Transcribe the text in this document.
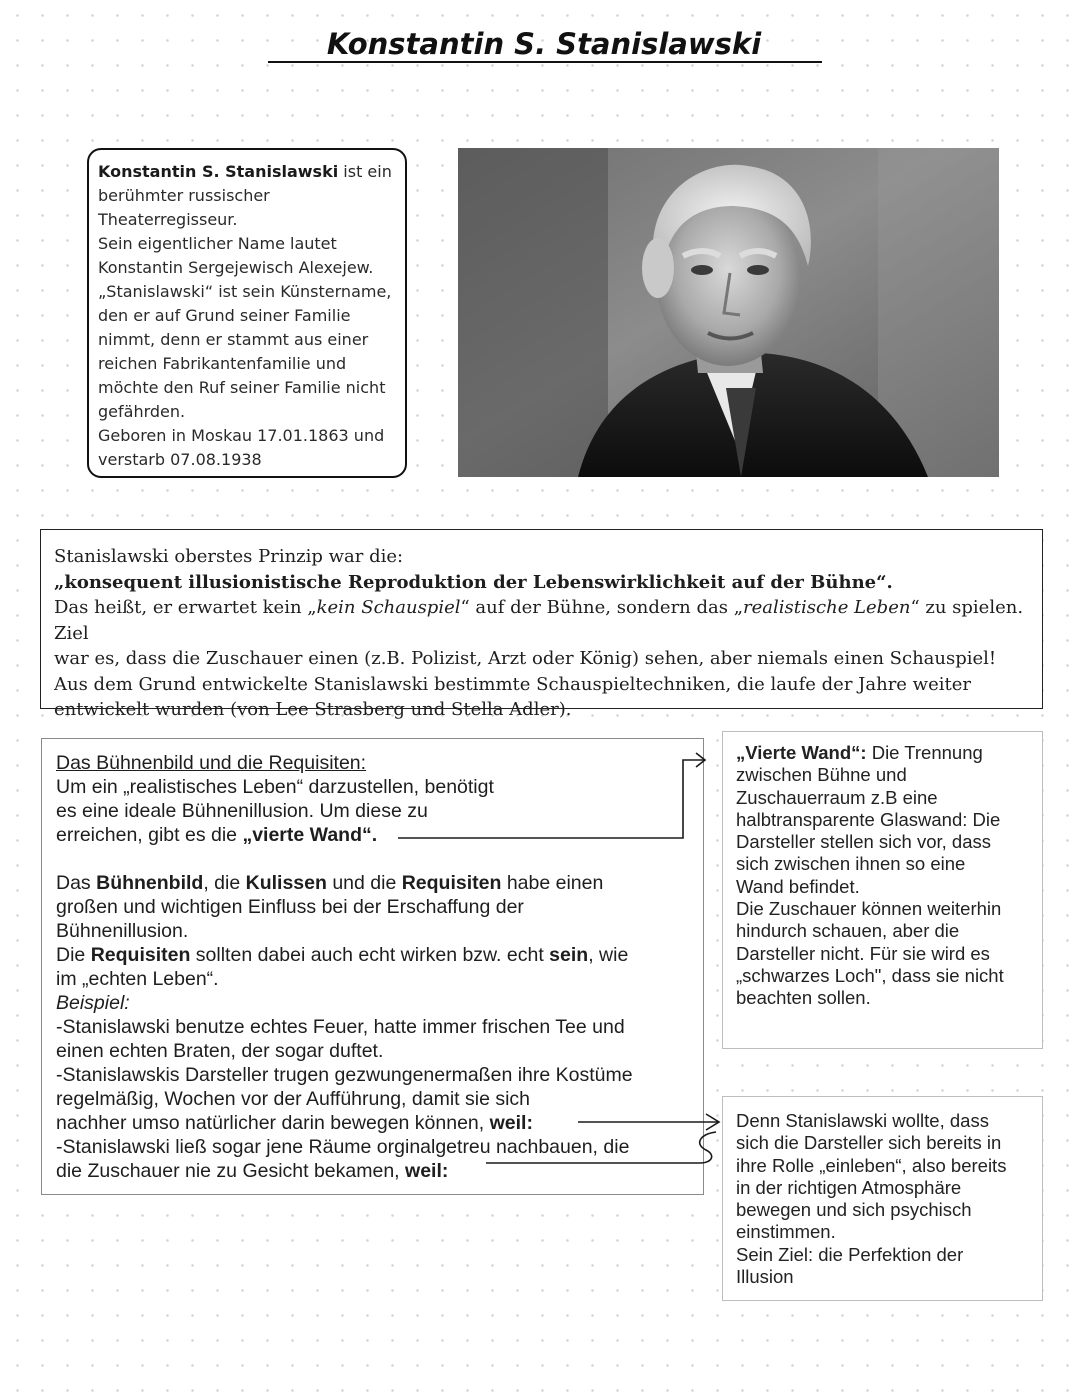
Konstantin S. Stanislawski

Konstantin S. Stanislawski ist ein

berühmter russischer

Theaterregisseur.

Sein eigentlicher Name lautet

Konstantin Sergejewisch Alexejew.

„Stanislawski“ ist sein Künstername,

den er auf Grund seiner Familie

nimmt, denn er stammt aus einer

reichen Fabrikantenfamilie und

möchte den Ruf seiner Familie nicht

gefährden.

Geboren in Moskau 17.01.1863 und

verstarb 07.08.1938

Stanislawski oberstes Prinzip war die:

„konsequent illusionistische Reproduktion der Lebenswirklichkeit auf der Bühne“.

Das heißt, er erwartet kein „kein Schauspiel“ auf der Bühne, sondern das „realistische Leben“ zu spielen. Ziel

war es, dass die Zuschauer einen (z.B. Polizist, Arzt oder König) sehen, aber niemals einen Schauspiel!

Aus dem Grund entwickelte Stanislawski bestimmte Schauspieltechniken, die laufe der Jahre weiter

entwickelt wurden (von Lee Strasberg und Stella Adler).

Das Bühnenbild und die Requisiten:

Um ein „realistisches Leben“ darzustellen, benötigt

es eine ideale Bühnenillusion. Um diese zu

erreichen, gibt es die „vierte Wand“.

Das Bühnenbild, die Kulissen und die Requisiten habe einen

großen und wichtigen Einfluss bei der Erschaffung der

Bühnenillusion.

Die Requisiten sollten dabei auch echt wirken bzw. echt sein, wie

im „echten Leben“.

Beispiel:

-Stanislawski benutze echtes Feuer, hatte immer frischen Tee und

einen echten Braten, der sogar duftet.

-Stanislawskis Darsteller trugen gezwungenermaßen ihre Kostüme

regelmäßig, Wochen vor der Aufführung, damit sie sich

nachher umso natürlicher darin bewegen können, weil:

-Stanislawski ließ sogar jene Räume orginalgetreu nachbauen, die

die Zuschauer nie zu Gesicht bekamen, weil:

„Vierte Wand“: Die Trennung

zwischen Bühne und

Zuschauerraum z.B eine

halbtransparente Glaswand: Die

Darsteller stellen sich vor, dass

sich zwischen ihnen so eine

Wand befindet.

Die Zuschauer können weiterhin

hindurch schauen, aber die

Darsteller nicht. Für sie wird es

„schwarzes Loch", dass sie nicht

beachten sollen.

Denn Stanislawski wollte, dass

sich die Darsteller sich bereits in

ihre Rolle „einleben“, also bereits

in der richtigen Atmosphäre

bewegen und sich psychisch

einstimmen.

Sein Ziel: die Perfektion der

Illusion
